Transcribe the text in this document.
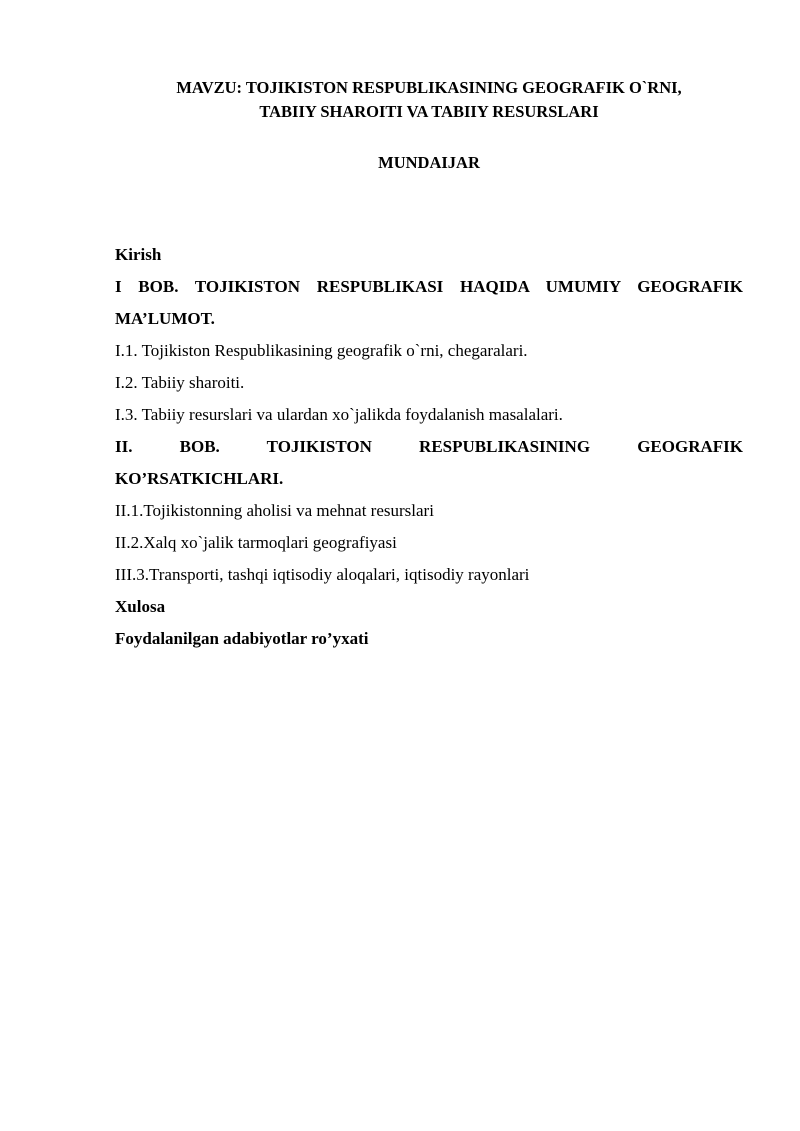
MAVZU: TOJIKISTON RESPUBLIKASINING GEOGRAFIK O`RNI,
TABIIY SHAROITI VA TABIIY RESURSLARI
MUNDAIJAR
Kirish
I BOB. TOJIKISTON RESPUBLIKASI HAQIDA UMUMIY GEOGRAFIK
MA’LUMOT.
I.1. Tojikiston Respublikasining geografik o`rni, chegaralari.
I.2. Tabiiy sharoiti.
I.3. Tabiiy resurslari va ulardan xo`jalikda foydalanish masalalari.
II. BOB. TOJIKISTON RESPUBLIKASINING GEOGRAFIK
KO’RSATKICHLARI.
II.1.Tojikistonning aholisi va mehnat resurslari
II.2.Xalq xo`jalik tarmoqlari geografiyasi
III.3.Transporti, tashqi iqtisodiy aloqalari, iqtisodiy rayonlari
Xulosa
Foydalanilgan adabiyotlar ro’yxati
